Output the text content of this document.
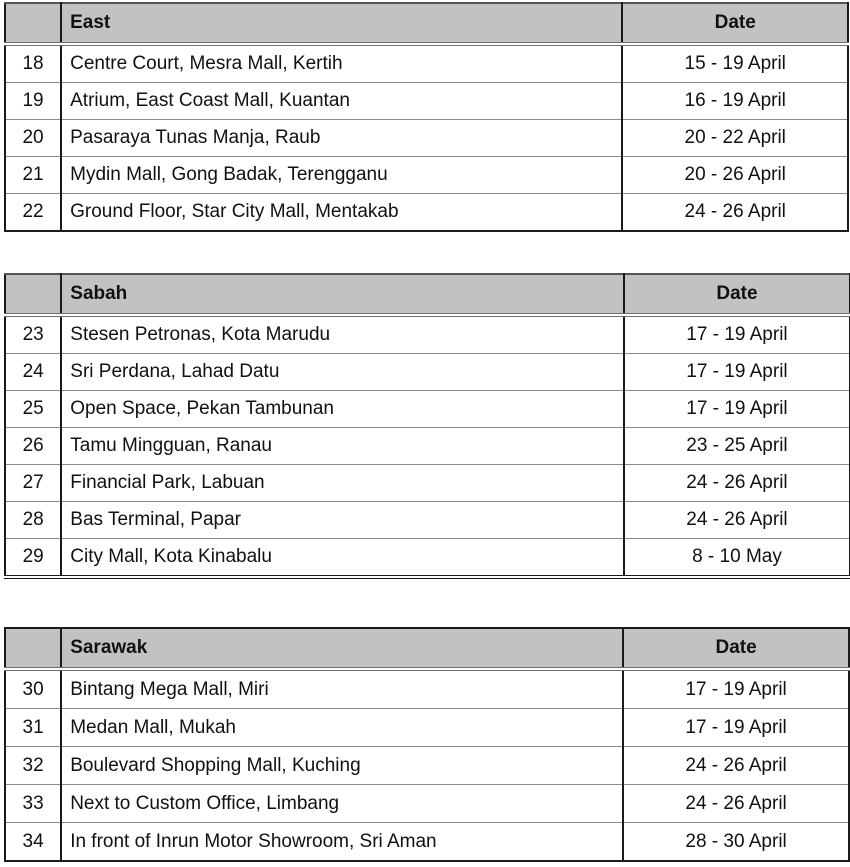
	East	Date
18	Centre Court, Mesra Mall, Kertih	15 - 19 April
19	Atrium, East Coast Mall, Kuantan	16 - 19 April
20	Pasaraya Tunas Manja, Raub	20 - 22 April
21	Mydin Mall, Gong Badak, Terengganu	20 - 26 April
22	Ground Floor, Star City Mall, Mentakab	24 - 26 April
	Sabah	Date
23	Stesen Petronas, Kota Marudu	17 - 19 April
24	Sri Perdana, Lahad Datu	17 - 19 April
25	Open Space, Pekan Tambunan	17 - 19 April
26	Tamu Mingguan, Ranau	23 - 25 April
27	Financial Park, Labuan	24 - 26 April
28	Bas Terminal, Papar	24 - 26 April
29	City Mall, Kota Kinabalu	8 - 10 May
	Sarawak	Date
30	Bintang Mega Mall, Miri	17 - 19 April
31	Medan Mall, Mukah	17 - 19 April
32	Boulevard Shopping Mall, Kuching	24 - 26 April
33	Next to Custom Office, Limbang	24 - 26 April
34	In front of Inrun Motor Showroom, Sri Aman	28 - 30 April
